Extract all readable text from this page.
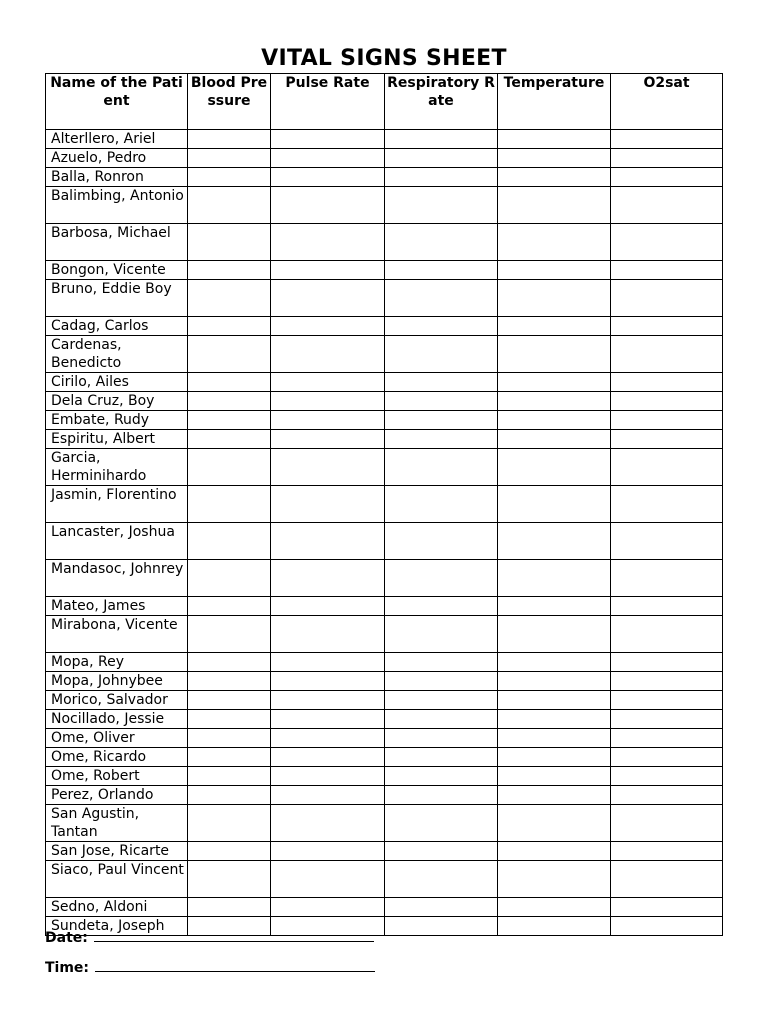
VITAL SIGNS SHEET
Name of the Patient	Blood Pressure	Pulse Rate	Respiratory Rate	Temperature	O2sat
Alterllero, Ariel					
Azuelo, Pedro					
Balla, Ronron					
Balimbing, Antonio					
Barbosa, Michael					
Bongon, Vicente					
Bruno, Eddie Boy					
Cadag, Carlos					
Cardenas, Benedicto					
Cirilo, Ailes					
Dela Cruz, Boy					
Embate, Rudy					
Espiritu, Albert					
Garcia, Herminihardo					
Jasmin, Florentino					
Lancaster, Joshua					
Mandasoc, Johnrey					
Mateo, James					
Mirabona, Vicente					
Mopa, Rey					
Mopa, Johnybee					
Morico, Salvador					
Nocillado, Jessie					
Ome, Oliver					
Ome, Ricardo					
Ome, Robert					
Perez, Orlando					
San Agustin, Tantan					
San Jose, Ricarte					
Siaco, Paul Vincent					
Sedno, Aldoni					
Sundeta, Joseph					
Date:
Time:
